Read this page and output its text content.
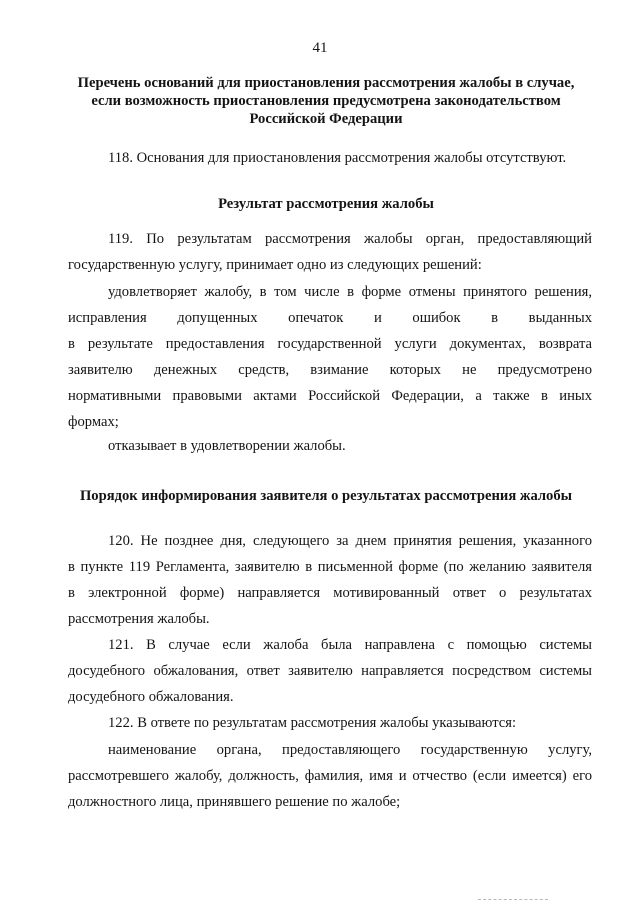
41
Перечень оснований для приостановления рассмотрения жалобы в случае,
если возможность приостановления предусмотрена законодательством
Российской Федерации
118. Основания для приостановления рассмотрения жалобы отсутствуют.
Результат рассмотрения жалобы
119. По результатам рассмотрения жалобы орган, предоставляющий
государственную услугу, принимает одно из следующих решений:
удовлетворяет жалобу, в том числе в форме отмены принятого решения,
исправления допущенных опечаток и ошибок в выданных
в результате предоставления государственной услуги документах, возврата
заявителю денежных средств, взимание которых не предусмотрено
нормативными правовыми актами Российской Федерации, а также в иных
формах;
отказывает в удовлетворении жалобы.
Порядок информирования заявителя о результатах рассмотрения жалобы
120. Не позднее дня, следующего за днем принятия решения, указанного
в пункте 119 Регламента, заявителю в письменной форме (по желанию заявителя
в электронной форме) направляется мотивированный ответ о результатах
рассмотрения жалобы.
121. В случае если жалоба была направлена с помощью системы
досудебного обжалования, ответ заявителю направляется посредством системы
досудебного обжалования.
122. В ответе по результатам рассмотрения жалобы указываются:
наименование органа, предоставляющего государственную услугу,
рассмотревшего жалобу, должность, фамилия, имя и отчество (если имеется) его
должностного лица, принявшего решение по жалобе;
